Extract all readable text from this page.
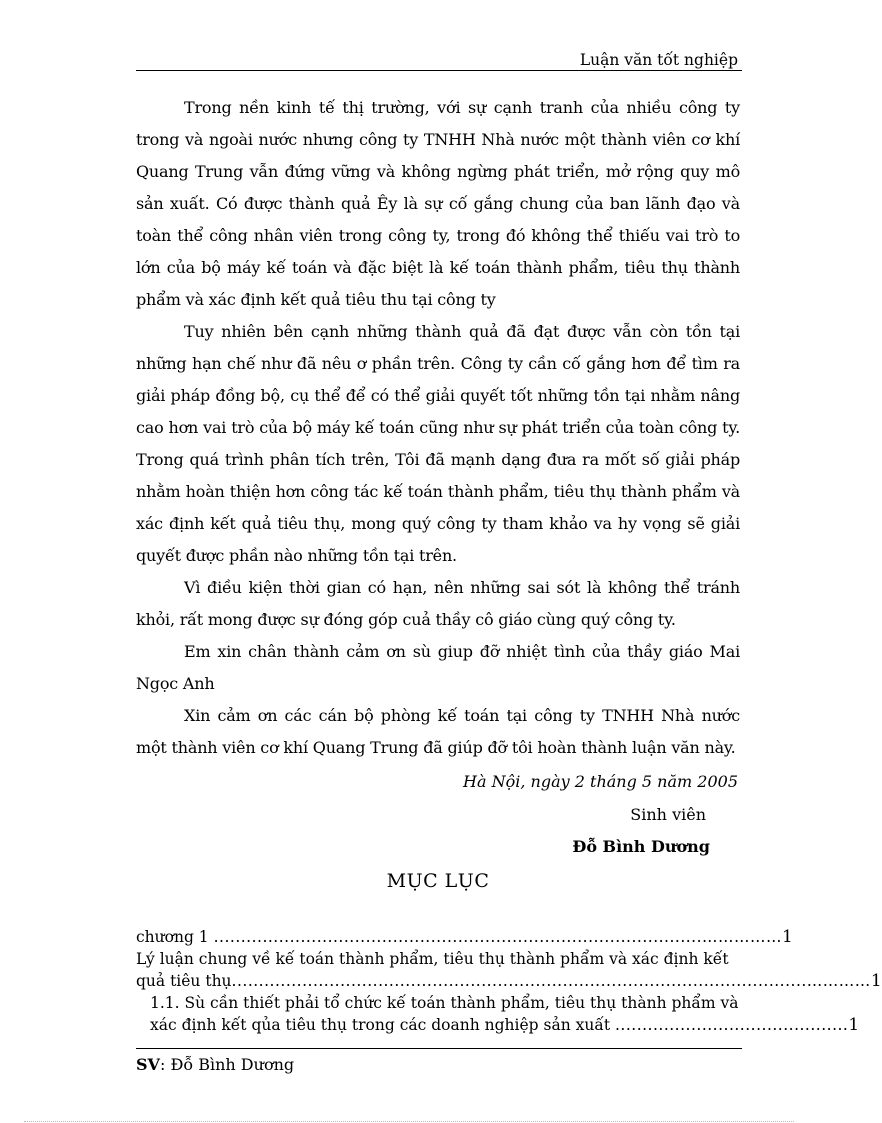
Luận văn tốt nghiệp

Trong nền kinh tế thị trường, với sự cạnh tranh của nhiều công ty trong và ngoài nước nhưng công ty TNHH Nhà nước một thành viên cơ khí Quang Trung vẫn đứng vững và không ngừng phát triển, mở rộng quy mô sản xuất. Có được thành quả Êy là sự cố gắng chung của ban lãnh đạo và toàn thể công nhân viên trong công ty, trong đó không thể thiếu vai trò to lớn của bộ máy kế toán và đặc biệt là kế toán thành phẩm, tiêu thụ thành phẩm và xác định kết quả tiêu thu tại công ty

Tuy nhiên bên cạnh những thành quả đã đạt được vẫn còn tồn tại những hạn chế như đã nêu ơ phần trên. Công ty cần cố gắng hơn để tìm ra giải pháp đồng bộ, cụ thể để có thể giải quyết tốt những tồn tại nhằm nâng cao hơn vai trò của bộ máy kế toán cũng như sự phát triển của toàn công ty. Trong quá trình phân tích trên, Tôi đã mạnh dạng đưa ra mốt số giải pháp nhằm hoàn thiện hơn công tác kế toán thành phẩm, tiêu thụ thành phẩm và xác định kết quả tiêu thụ, mong quý công ty tham khảo va hy vọng sẽ giải quyết được phần nào những tồn tại trên.

Vì điều kiện thời gian có hạn, nên những sai sót là không thể tránh khỏi, rất mong được sự đóng góp cuả thầy cô giáo cùng quý công ty.

Em xin chân thành cảm ơn sù giup đỡ nhiệt tình của thầy giáo Mai Ngọc Anh

Xin cảm ơn các cán bộ phòng kế toán tại công ty TNHH Nhà nước một thành viên cơ khí Quang Trung đã giúp đỡ tôi hoàn thành luận văn này.

Hà Nội, ngày 2 tháng 5 năm 2005
Sinh viên
Đỗ Bình Dương
MỤC LỤC
chương 1 ..........................................................................................…………… 1
Lý luận chung về kế toán thành phẩm, tiêu thụ thành phẩm và xác định kết
quả tiêu thụ..........................................................................................................………… 1
1.1. Sù cần thiết phải tổ chức kế toán thành phẩm, tiêu thụ thành phẩm và
xác định kết qủa tiêu thụ trong các doanh nghiệp sản xuất ........................................... 1
SV: Đỗ Bình Dương
